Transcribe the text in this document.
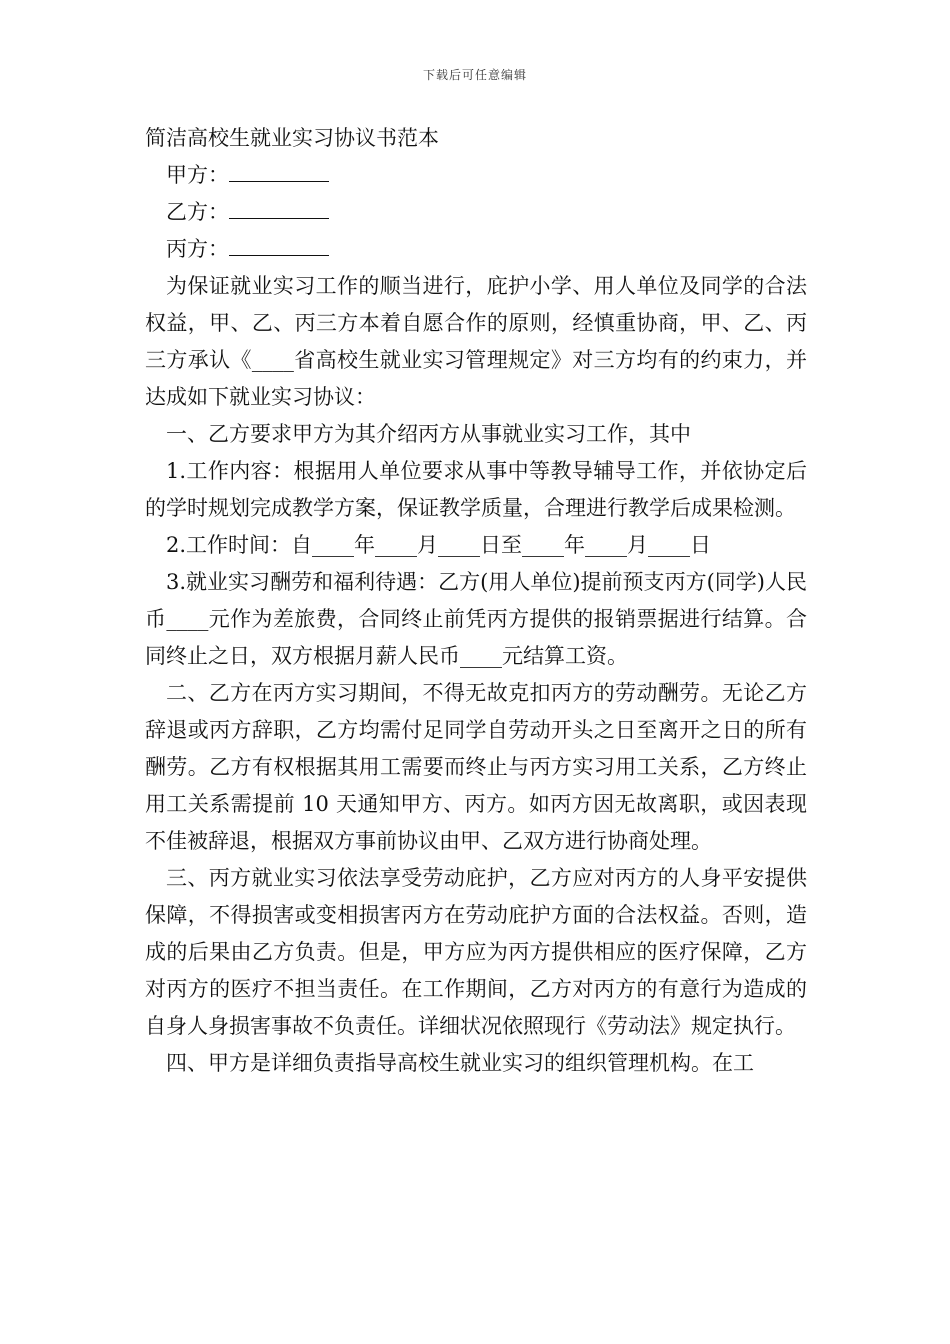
下载后可任意编辑

简洁高校生就业实习协议书范本

甲方：

乙方：

丙方：

为保证就业实习工作的顺当进行，庇护小学、用人单位及同学的合法权益，甲、乙、丙三方本着自愿合作的原则，经慎重协商，甲、乙、丙三方承认《____省高校生就业实习管理规定》对三方均有的约束力，并达成如下就业实习协议：

一、乙方要求甲方为其介绍丙方从事就业实习工作，其中

1.工作内容：根据用人单位要求从事中等教导辅导工作，并依协定后的学时规划完成教学方案，保证教学质量，合理进行教学后成果检测。

2.工作时间：自____年____月____日至____年____月____日

3.就业实习酬劳和福利待遇：乙方(用人单位)提前预支丙方(同学)人民币____元作为差旅费，合同终止前凭丙方提供的报销票据进行结算。合同终止之日，双方根据月薪人民币____元结算工资。

二、乙方在丙方实习期间，不得无故克扣丙方的劳动酬劳。无论乙方辞退或丙方辞职，乙方均需付足同学自劳动开头之日至离开之日的所有酬劳。乙方有权根据其用工需要而终止与丙方实习用工关系，乙方终止用工关系需提前 10 天通知甲方、丙方。如丙方因无故离职，或因表现不佳被辞退，根据双方事前协议由甲、乙双方进行协商处理。

三、丙方就业实习依法享受劳动庇护，乙方应对丙方的人身平安提供保障，不得损害或变相损害丙方在劳动庇护方面的合法权益。否则，造成的后果由乙方负责。但是，甲方应为丙方提供相应的医疗保障，乙方对丙方的医疗不担当责任。在工作期间，乙方对丙方的有意行为造成的自身人身损害事故不负责任。详细状况依照现行《劳动法》规定执行。

四、甲方是详细负责指导高校生就业实习的组织管理机构。在工
